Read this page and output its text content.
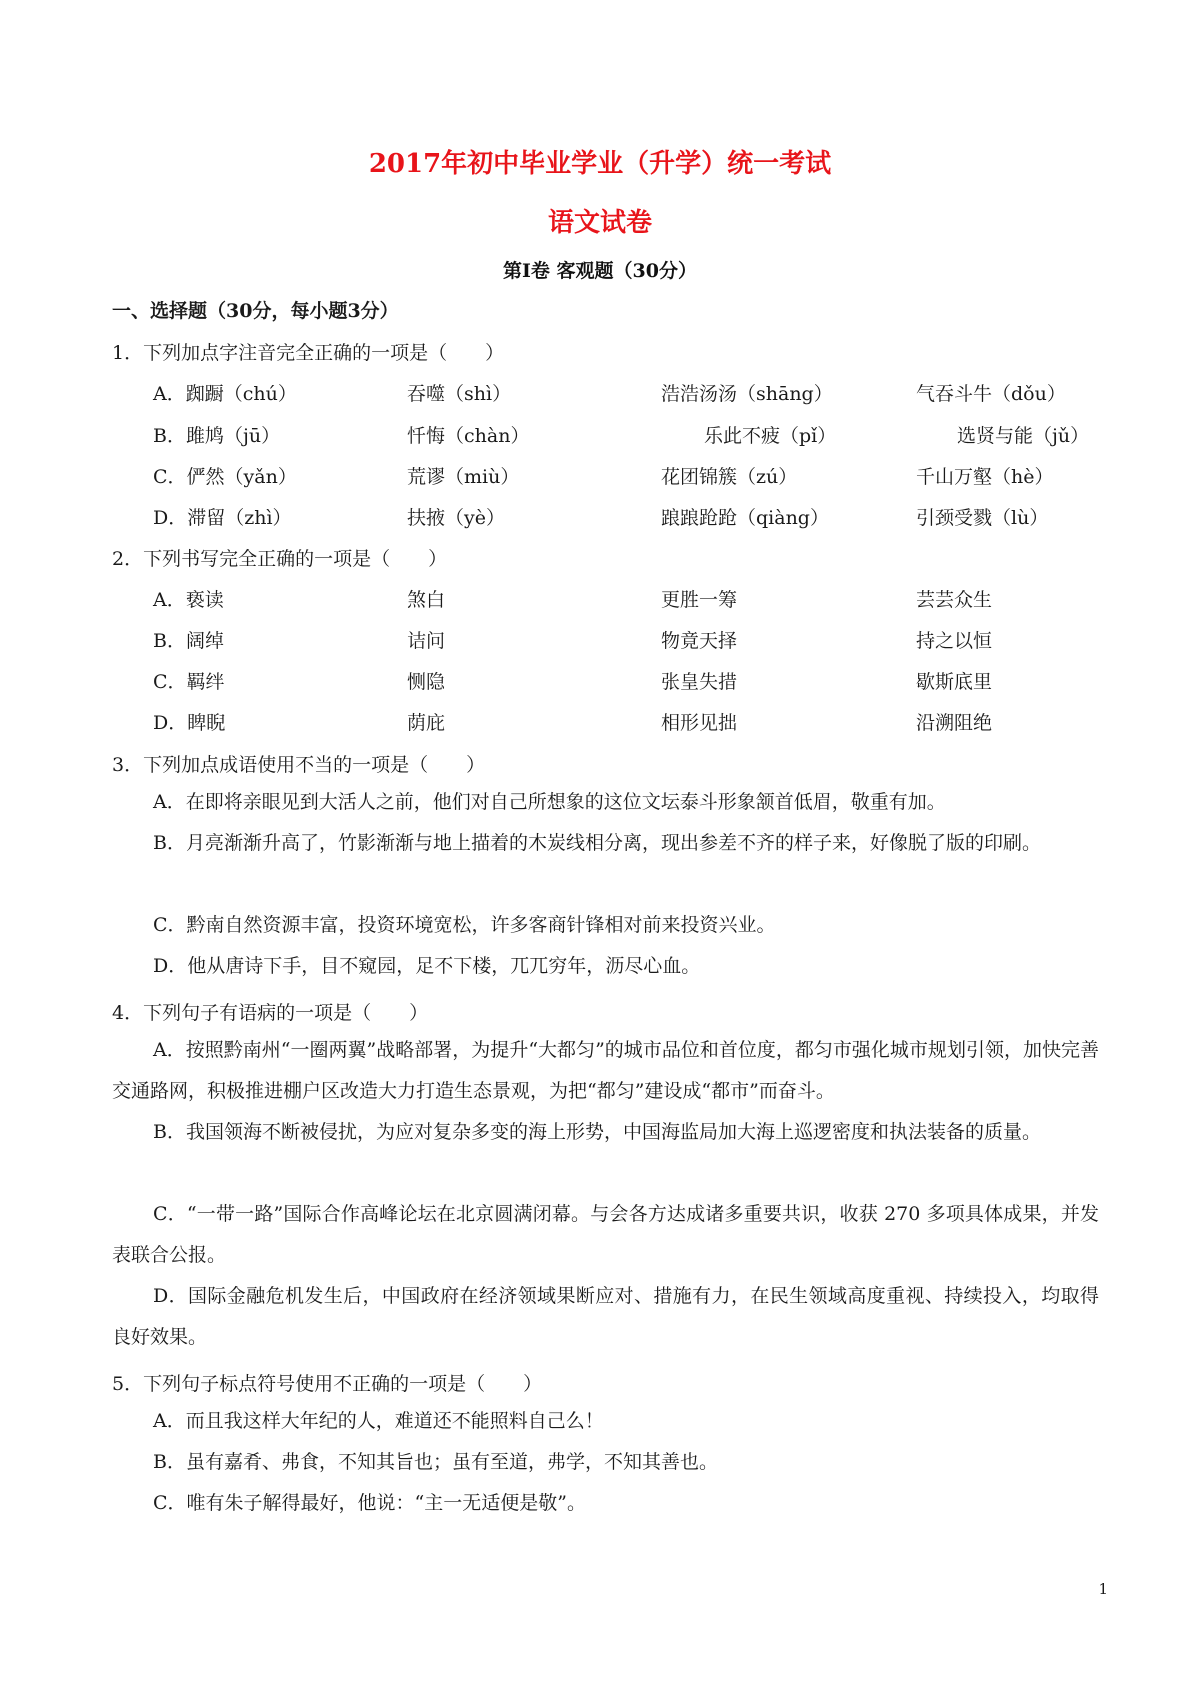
2017年初中毕业学业（升学）统一考试
语文试卷
第Ⅰ卷 客观题（30分）
一、选择题（30分，每小题3分）
1．下列加点字注音完全正确的一项是（　　）
A．踟蹰（chú）	吞噬（shì）	浩浩汤汤（shāng）	气吞斗牛（dǒu）
B．雎鸠（jū）	忏悔（chàn）	乐此不疲（pǐ）	选贤与能（jǔ）
C．俨然（yǎn）	荒谬（miù）	花团锦簇（zú）	千山万壑（hè）
D．滞留（zhì）	扶掖（yè）	踉踉跄跄（qiàng）	引颈受戮（lù）
2．下列书写完全正确的一项是（　　）
A．亵读	煞白	更胜一筹	芸芸众生
B．阔绰	诘问	物竟天择	持之以恒
C．羁绊	恻隐	张皇失措	歇斯底里
D．睥睨	荫庇	相形见拙	沿溯阻绝
3．下列加点成语使用不当的一项是（　　）
A．在即将亲眼见到大活人之前，他们对自己所想象的这位文坛泰斗形象颔首低眉，敬重有加。
B．月亮渐渐升高了，竹影渐渐与地上描着的木炭线相分离，现出参差不齐的样子来，好像脱了版的印刷。
C．黔南自然资源丰富，投资环境宽松，许多客商针锋相对前来投资兴业。
D．他从唐诗下手，目不窥园，足不下楼，兀兀穷年，沥尽心血。
4．下列句子有语病的一项是（　　）
A．按照黔南州“一圈两翼”战略部署，为提升“大都匀”的城市品位和首位度，都匀市强化城市规划引领，加快完善交通路网，积极推进棚户区改造大力打造生态景观，为把“都匀”建设成“都市”而奋斗。
B．我国领海不断被侵扰，为应对复杂多变的海上形势，中国海监局加大海上巡逻密度和执法装备的质量。
C．“一带一路”国际合作高峰论坛在北京圆满闭幕。与会各方达成诸多重要共识，收获 270 多项具体成果，并发表联合公报。
D．国际金融危机发生后，中国政府在经济领域果断应对、措施有力，在民生领域高度重视、持续投入，均取得良好效果。
5．下列句子标点符号使用不正确的一项是（　　）
A．而且我这样大年纪的人，难道还不能照料自己么！
B．虽有嘉肴、弗食，不知其旨也；虽有至道，弗学，不知其善也。
C．唯有朱子解得最好，他说：“主一无适便是敬”。
1
